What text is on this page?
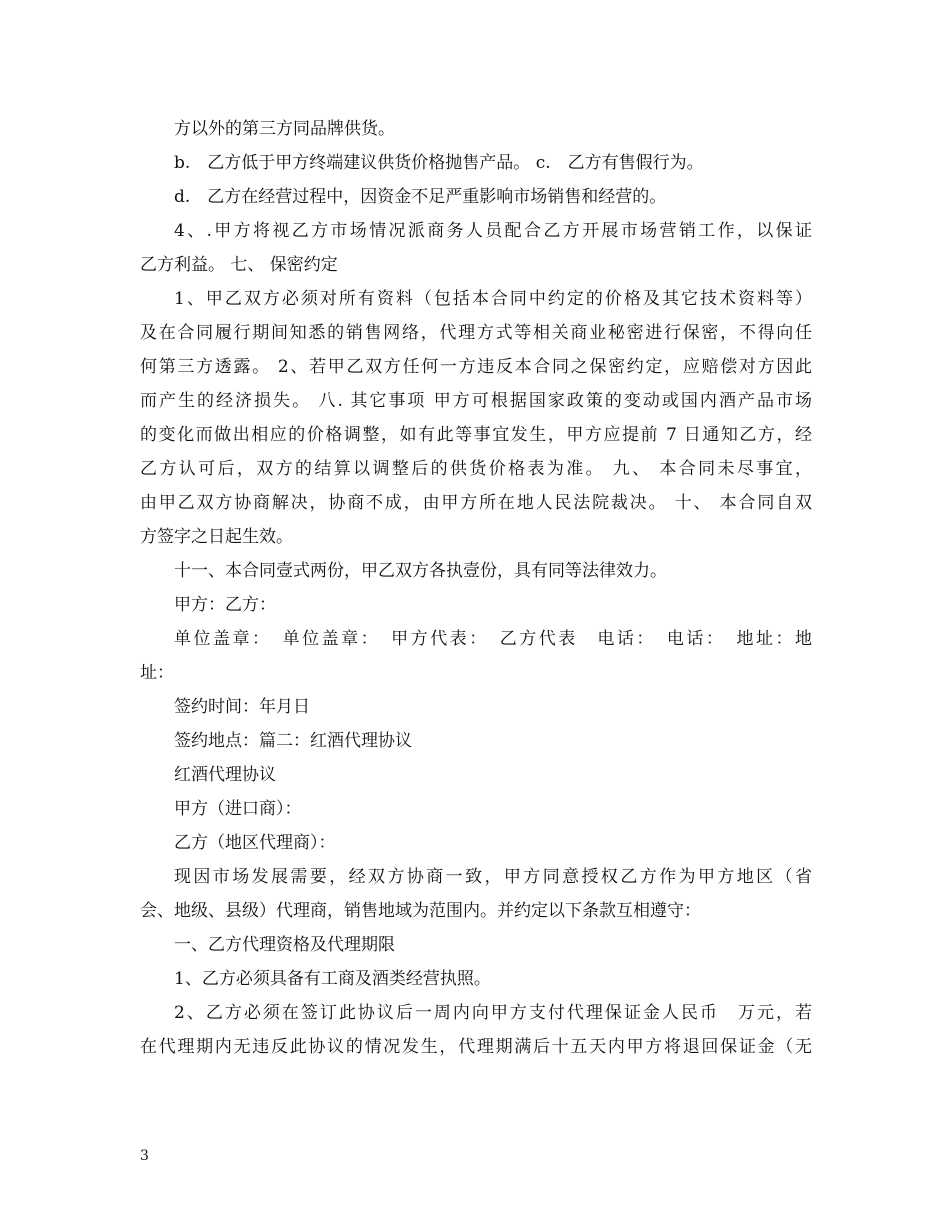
方以外的第三方同品牌供货。
b.　乙方低于甲方终端建议供货价格抛售产品。 c.　乙方有售假行为。
d.　乙方在经营过程中，因资金不足严重影响市场销售和经营的。
4、.甲方将视乙方市场情况派商务人员配合乙方开展市场营销工作，以保证
乙方利益。 七、 保密约定
1、甲乙双方必须对所有资料（包括本合同中约定的价格及其它技术资料等）
及在合同履行期间知悉的销售网络，代理方式等相关商业秘密进行保密，不得向任
何第三方透露。 2、若甲乙双方任何一方违反本合同之保密约定，应赔偿对方因此
而产生的经济损失。 八. 其它事项 甲方可根据国家政策的变动或国内酒产品市场
的变化而做出相应的价格调整，如有此等事宜发生，甲方应提前 7 日通知乙方，经
乙方认可后，双方的结算以调整后的供货价格表为准。 九、 本合同未尽事宜，
由甲乙双方协商解决，协商不成，由甲方所在地人民法院裁决。 十、 本合同自双
方签字之日起生效。
十一、本合同壹式两份，甲乙双方各执壹份，具有同等法律效力。
甲方：乙方：
单位盖章：　单位盖章：　甲方代表：　乙方代表　电话：　电话：　地址：地
址：
签约时间：年月日
签约地点：篇二：红酒代理协议
红酒代理协议
甲方（进口商）：
乙方（地区代理商）：
现因市场发展需要，经双方协商一致，甲方同意授权乙方作为甲方地区（省
会、地级、县级）代理商，销售地域为范围内。并约定以下条款互相遵守：
一、乙方代理资格及代理期限
1、乙方必须具备有工商及酒类经营执照。
2、乙方必须在签订此协议后一周内向甲方支付代理保证金人民币　万元，若
在代理期内无违反此协议的情况发生，代理期满后十五天内甲方将退回保证金（无
3
